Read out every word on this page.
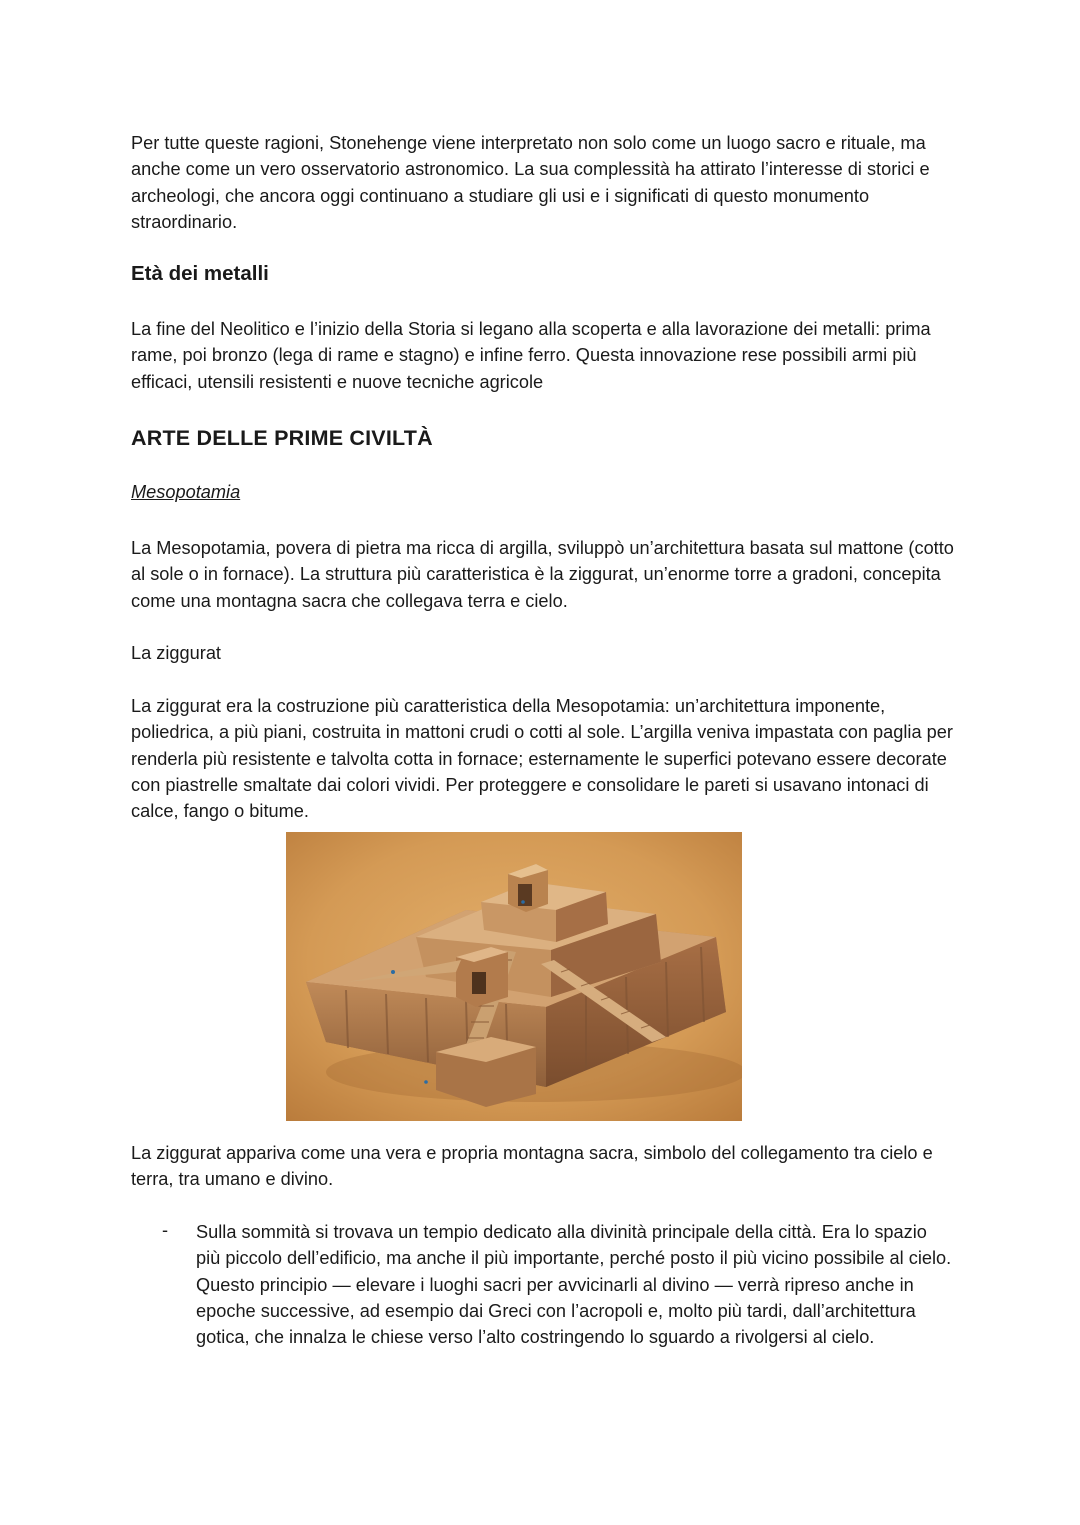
Per tutte queste ragioni, Stonehenge viene interpretato non solo come un luogo sacro e rituale, ma anche come un vero osservatorio astronomico. La sua complessità ha attirato l’interesse di storici e archeologi, che ancora oggi continuano a studiare gli usi e i significati di questo monumento straordinario.

Età dei metalli

La fine del Neolitico e l’inizio della Storia si legano alla scoperta e alla lavorazione dei metalli: prima rame, poi bronzo (lega di rame e stagno) e infine ferro. Questa innovazione rese possibili armi più efficaci, utensili resistenti e nuove tecniche agricole

ARTE DELLE PRIME CIVILTÀ

Mesopotamia

La Mesopotamia, povera di pietra ma ricca di argilla, sviluppò un’architettura basata sul mattone (cotto al sole o in fornace). La struttura più caratteristica è la ziggurat, un’enorme torre a gradoni, concepita come una montagna sacra che collegava terra e cielo.

La ziggurat

La ziggurat era la costruzione più caratteristica della Mesopotamia: un’architettura imponente, poliedrica, a più piani, costruita in mattoni crudi o cotti al sole. L’argilla veniva impastata con paglia per renderla più resistente e talvolta cotta in fornace; esternamente le superfici potevano essere decorate con piastrelle smaltate dai colori vividi. Per proteggere e consolidare le pareti si usavano intonaci di calce, fango o bitume.

La ziggurat appariva come una vera e propria montagna sacra, simbolo del collegamento tra cielo e terra, tra umano e divino.

- Sulla sommità si trovava un tempio dedicato alla divinità principale della città. Era lo spazio più piccolo dell’edificio, ma anche il più importante, perché posto il più vicino possibile al cielo. Questo principio — elevare i luoghi sacri per avvicinarli al divino — verrà ripreso anche in epoche successive, ad esempio dai Greci con l’acropoli e, molto più tardi, dall’architettura gotica, che innalza le chiese verso l’alto costringendo lo sguardo a rivolgersi al cielo.
